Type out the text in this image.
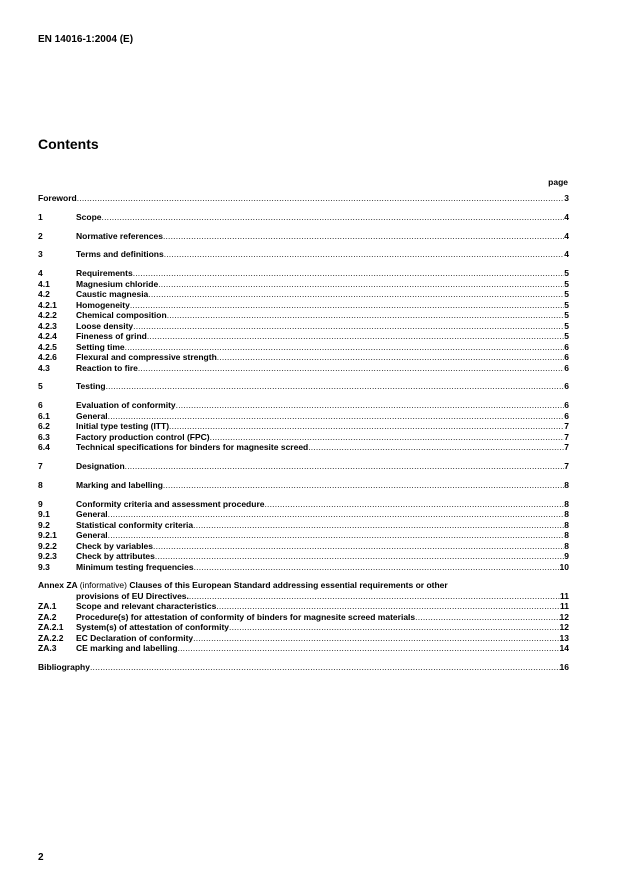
EN 14016-1:2004 (E)
Contents
page
Foreword .....	3
1	Scope .....	4
2	Normative references .....	4
3	Terms and definitions .....	4
4	Requirements .....	5
4.1	Magnesium chloride .....	5
4.2	Caustic magnesia .....	5
4.2.1	Homogeneity .....	5
4.2.2	Chemical composition .....	5
4.2.3	Loose density .....	5
4.2.4	Fineness of grind .....	5
4.2.5	Setting time .....	6
4.2.6	Flexural and compressive strength .....	6
4.3	Reaction to fire .....	6
5	Testing .....	6
6	Evaluation of conformity .....	6
6.1	General .....	6
6.2	Initial type testing (ITT) .....	7
6.3	Factory production control (FPC) .....	7
6.4	Technical specifications for binders for magnesite screed .....	7
7	Designation .....	7
8	Marking and labelling .....	8
9	Conformity criteria and assessment procedure .....	8
9.1	General .....	8
9.2	Statistical conformity criteria .....	8
9.2.1	General .....	8
9.2.2	Check by variables .....	8
9.2.3	Check by attributes .....	9
9.3	Minimum testing frequencies .....	10
Annex ZA (informative) Clauses of this European Standard addressing essential requirements or other
provisions of EU Directives. .....	11
ZA.1	Scope and relevant characteristics .....	11
ZA.2	Procedure(s) for attestation of conformity of binders for magnesite screed materials .....	12
ZA.2.1	System(s) of attestation of conformity .....	12
ZA.2.2	EC Declaration of conformity .....	13
ZA.3	CE marking and labelling .....	14
Bibliography .....	16
2
